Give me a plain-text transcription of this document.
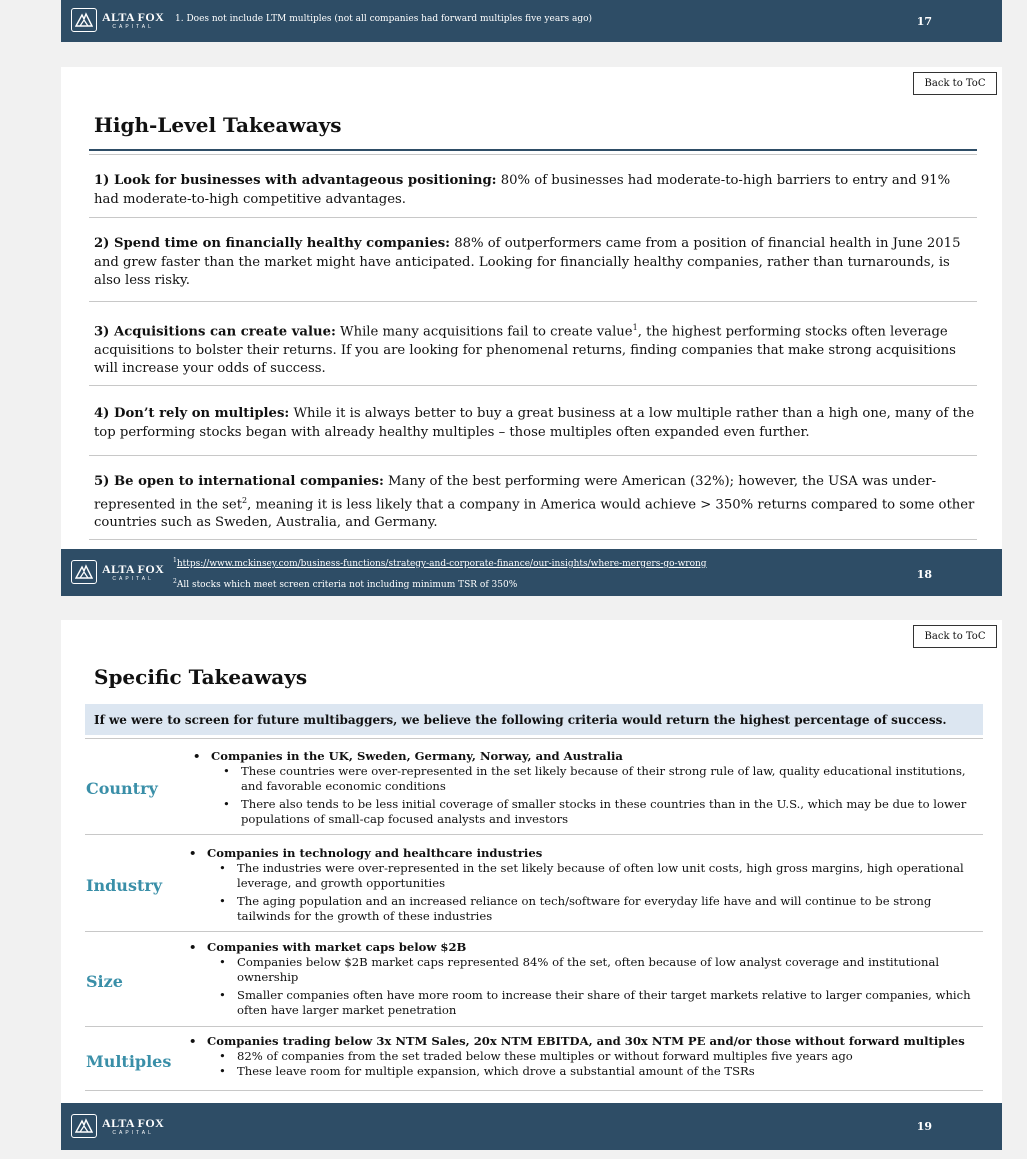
ALTA FOX
CAPITAL
1. Does not include LTM multiples (not all companies had forward multiples five years ago)	17
Back to ToC
High-Level Takeaways
1) Look for businesses with advantageous positioning: 80% of businesses had moderate-to-high barriers to entry and 91% had moderate-to-high competitive advantages.
2) Spend time on financially healthy companies: 88% of outperformers came from a position of financial health in June 2015 and grew faster than the market might have anticipated. Looking for financially healthy companies, rather than turnarounds, is also less risky.
3) Acquisitions can create value: While many acquisitions fail to create value$^1$, the highest performing stocks often leverage acquisitions to bolster their returns. If you are looking for phenomenal returns, finding companies that make strong acquisitions will increase your odds of success.
4) Don’t rely on multiples: While it is always better to buy a great business at a low multiple rather than a high one, many of the top performing stocks began with already healthy multiples – those multiples often expanded even further.
5) Be open to international companies: Many of the best performing were American (32%); however, the USA was under-represented in the set$^2$, meaning it is less likely that a company in America would achieve > 350% returns compared to some other countries such as Sweden, Australia, and Germany.
ALTA FOX
CAPITAL
$^1$https://www.mckinsey.com/business-functions/strategy-and-corporate-finance/our-insights/where-mergers-go-wrong
$^2$All stocks which meet screen criteria not including minimum TSR of 350%
18
Back to ToC
Specific Takeaways
If we were to screen for future multibaggers, we believe the following criteria would return the highest percentage of success.
Country
• Companies in the UK, Sweden, Germany, Norway, and Australia
• These countries were over-represented in the set likely because of their strong rule of law, quality educational institutions, and favorable economic conditions
• There also tends to be less initial coverage of smaller stocks in these countries than in the U.S., which may be due to lower populations of small-cap focused analysts and investors
Industry
• Companies in technology and healthcare industries
• The industries were over-represented in the set likely because of often low unit costs, high gross margins, high operational leverage, and growth opportunities
• The aging population and an increased reliance on tech/software for everyday life have and will continue to be strong tailwinds for the growth of these industries
Size
• Companies with market caps below $2B
• Companies below $2B market caps represented 84% of the set, often because of low analyst coverage and institutional ownership
• Smaller companies often have more room to increase their share of their target markets relative to larger companies, which often have larger market penetration
Multiples
• Companies trading below 3x NTM Sales, 20x NTM EBITDA, and 30x NTM PE and/or those without forward multiples
• 82% of companies from the set traded below these multiples or without forward multiples five years ago
• These leave room for multiple expansion, which drove a substantial amount of the TSRs
ALTA FOX
CAPITAL	19
